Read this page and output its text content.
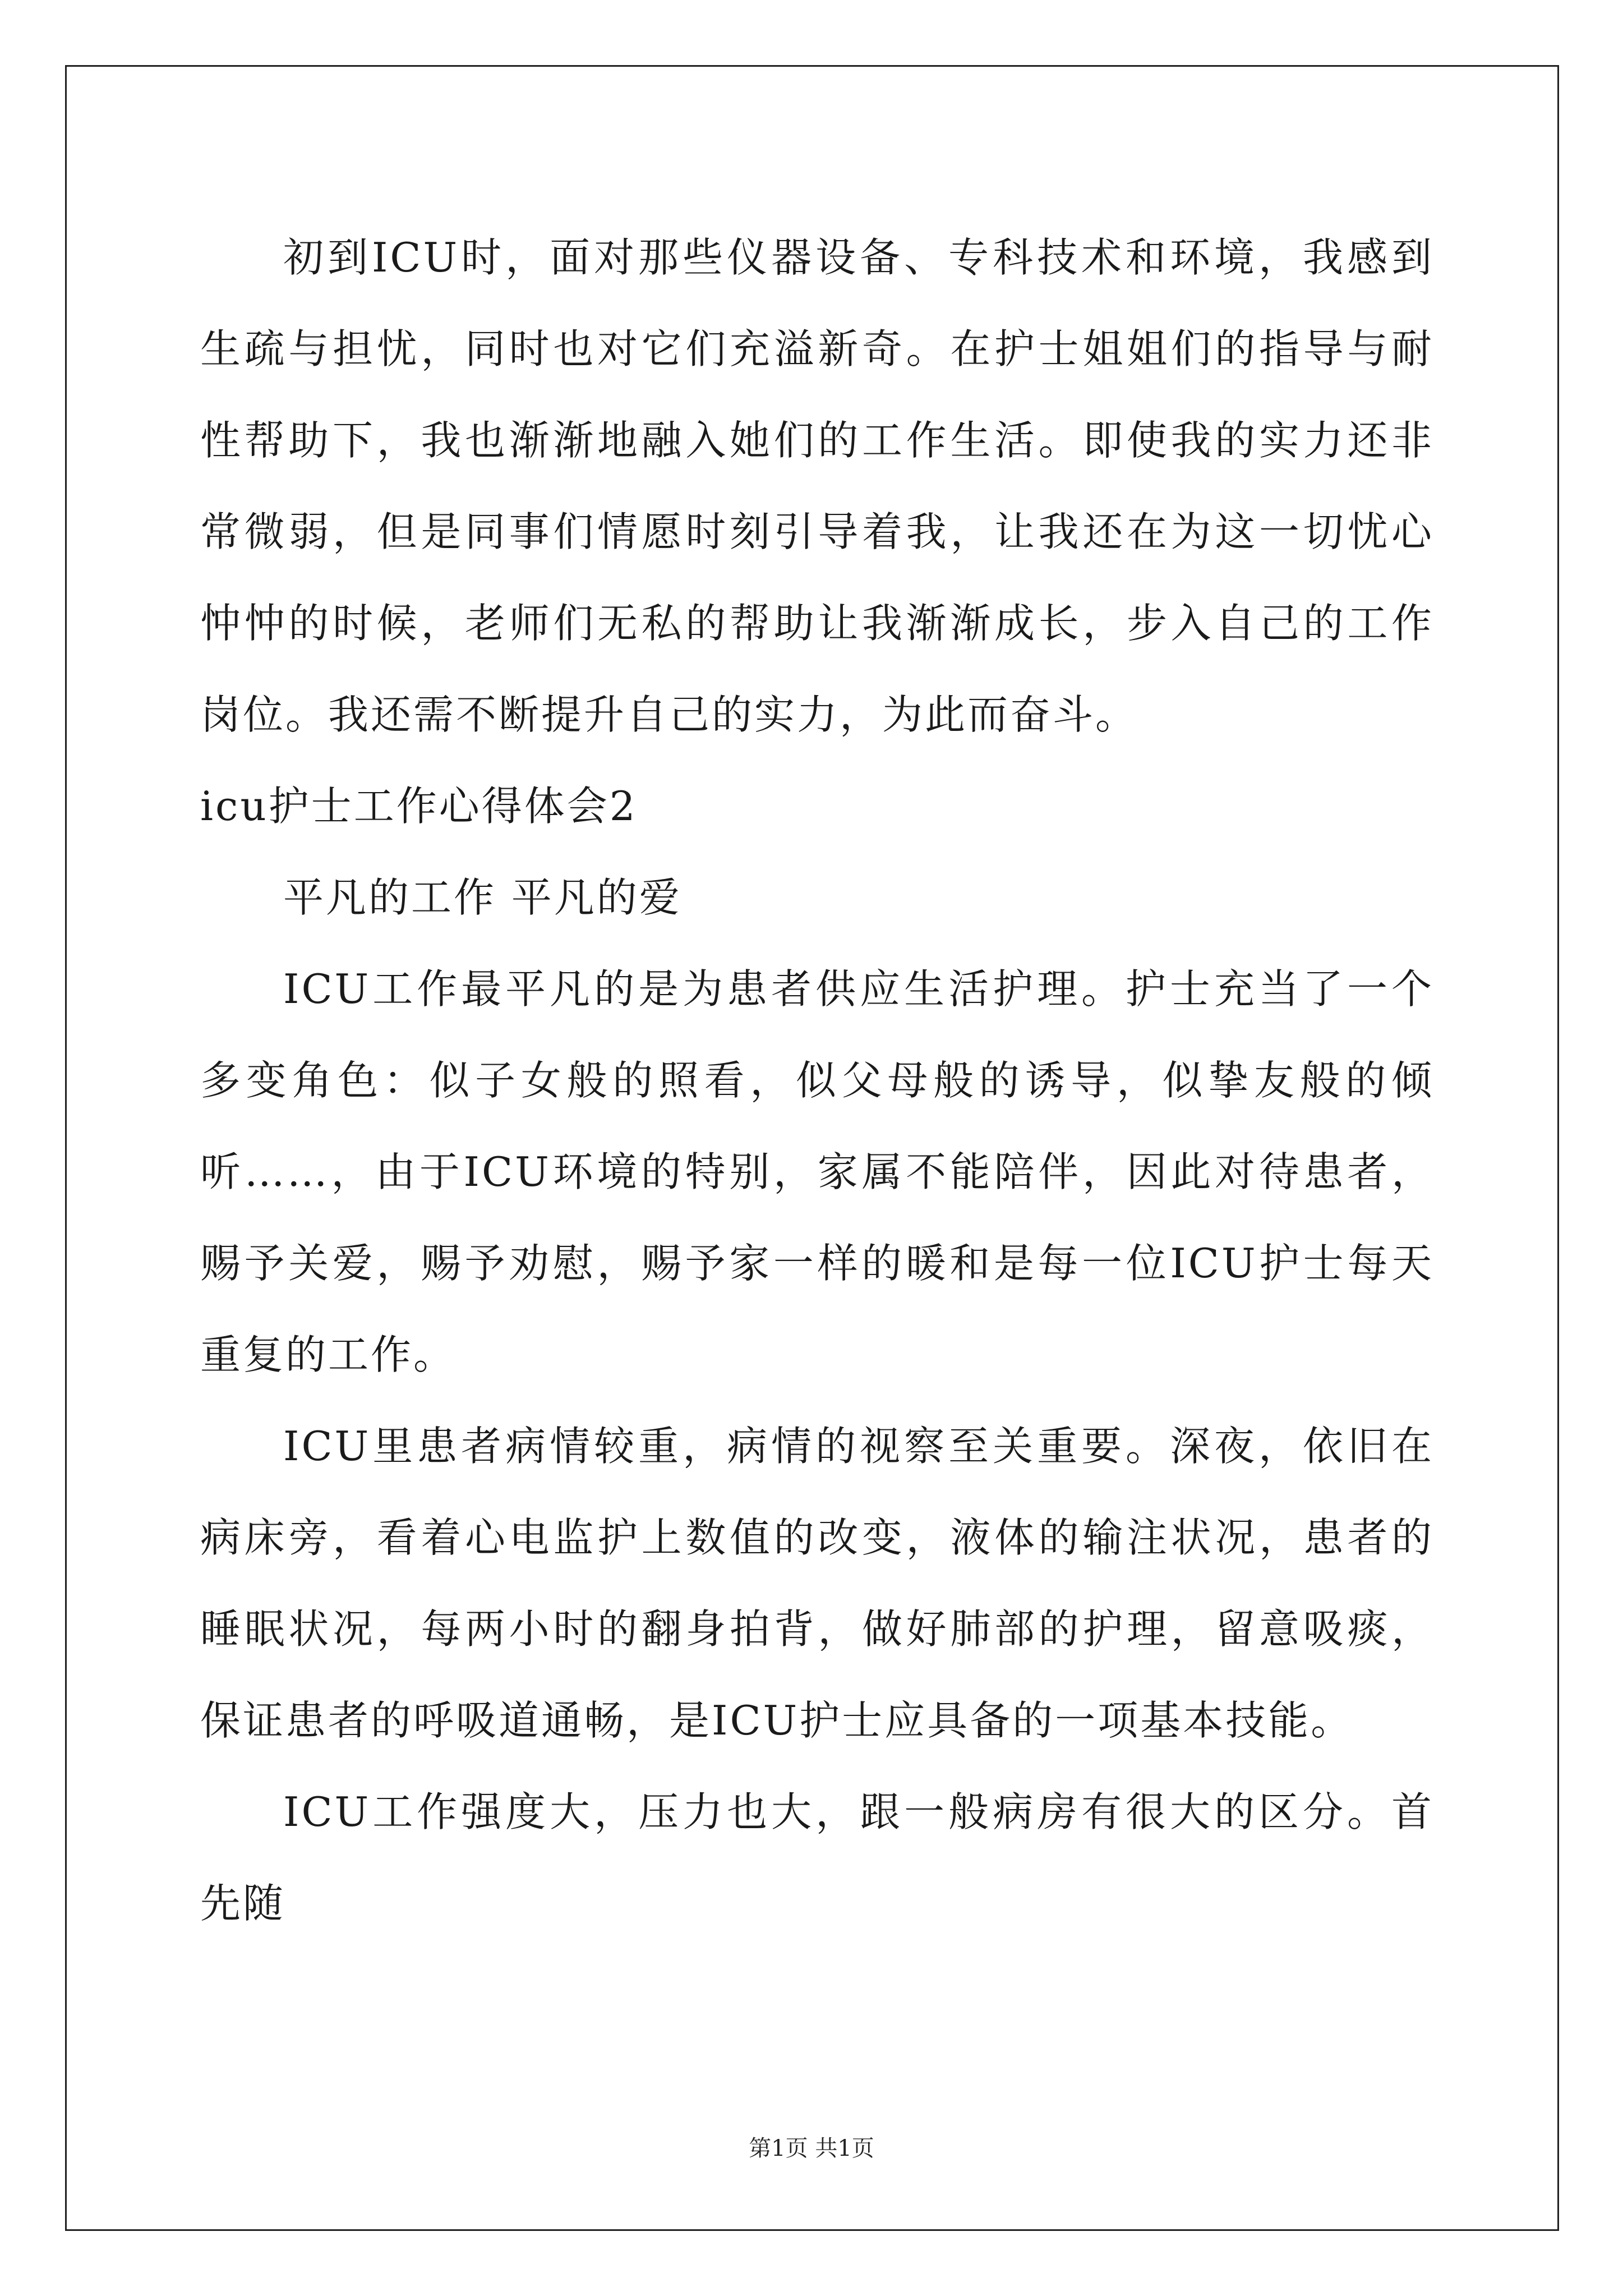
初到ICU时，面对那些仪器设备、专科技术和环境，我感到生疏与担忧，同时也对它们充溢新奇。在护士姐姐们的指导与耐性帮助下，我也渐渐地融入她们的工作生活。即使我的实力还非常微弱，但是同事们情愿时刻引导着我，让我还在为这一切忧心忡忡的时候，老师们无私的帮助让我渐渐成长，步入自己的工作岗位。我还需不断提升自己的实力，为此而奋斗。

icu护士工作心得体会2

平凡的工作 平凡的爱

ICU工作最平凡的是为患者供应生活护理。护士充当了一个多变角色：似子女般的照看，似父母般的诱导，似挚友般的倾听……，由于ICU环境的特别，家属不能陪伴，因此对待患者，赐予关爱，赐予劝慰，赐予家一样的暖和是每一位ICU护士每天重复的工作。

ICU里患者病情较重，病情的视察至关重要。深夜，依旧在病床旁，看着心电监护上数值的改变，液体的输注状况，患者的睡眠状况，每两小时的翻身拍背，做好肺部的护理，留意吸痰，保证患者的呼吸道通畅，是ICU护士应具备的一项基本技能。

ICU工作强度大，压力也大，跟一般病房有很大的区分。首先随

第1页 共1页
